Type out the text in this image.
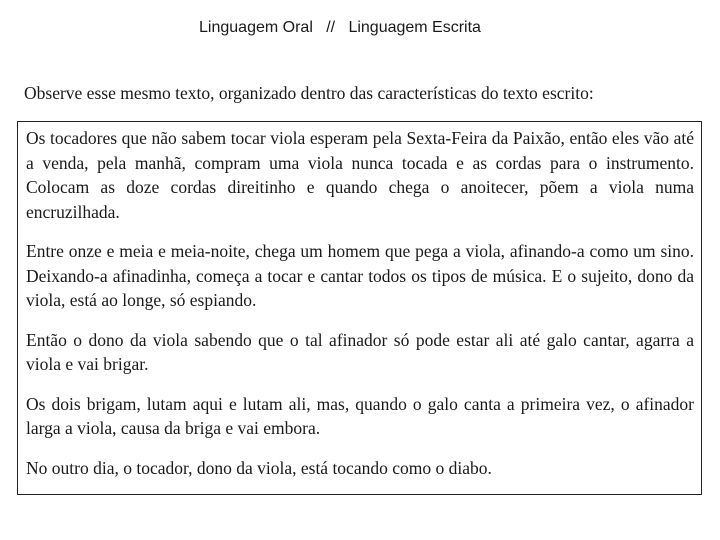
Linguagem Oral   //   Linguagem Escrita
Observe esse mesmo texto, organizado dentro das características do texto escrito:

Os tocadores que não sabem tocar viola esperam pela Sexta-Feira da Paixão, então eles vão até a venda, pela manhã, compram uma viola nunca tocada e as cordas para o instrumento. Colocam as doze cordas direitinho e quando chega o anoitecer, põem a viola numa encruzilhada.

Entre onze e meia e meia-noite, chega um homem que pega a viola, afinando-a como um sino. Deixando-a afinadinha, começa a tocar e cantar todos os tipos de música. E o sujeito, dono da viola, está ao longe, só espiando.

Então o dono da viola sabendo que o tal afinador só pode estar ali até galo cantar, agarra a viola e vai brigar.

Os dois brigam, lutam aqui e lutam ali, mas, quando o galo canta a primeira vez, o afinador larga a viola, causa da briga e vai embora.

No outro dia, o tocador, dono da viola, está tocando como o diabo.
